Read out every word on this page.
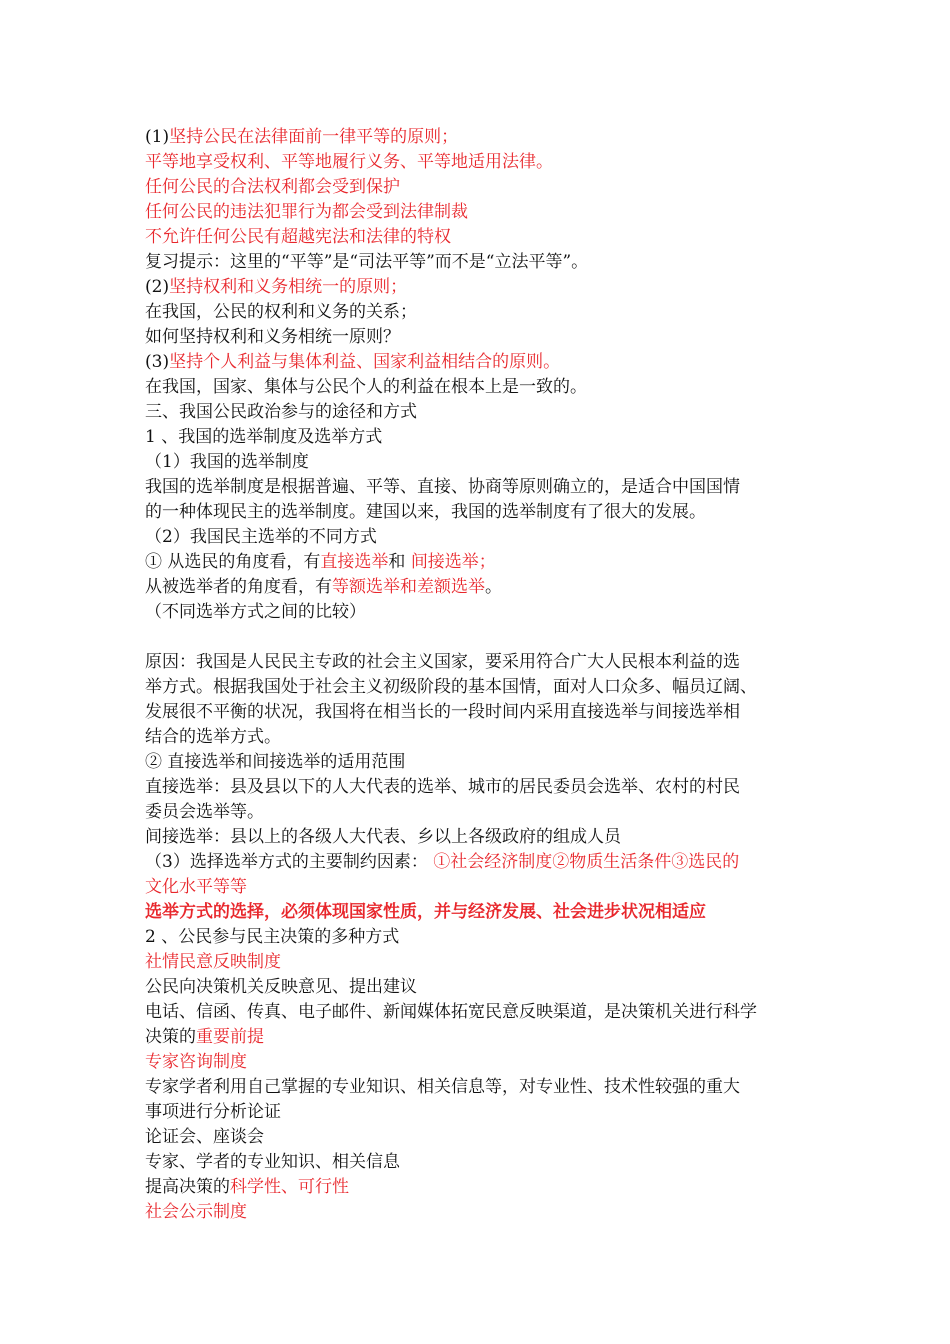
(1)坚持公民在法律面前一律平等的原则；
平等地享受权利、平等地履行义务、平等地适用法律。
任何公民的合法权利都会受到保护
任何公民的违法犯罪行为都会受到法律制裁
不允许任何公民有超越宪法和法律的特权
复习提示：这里的“平等”是“司法平等”而不是“立法平等”。
(2)坚持权利和义务相统一的原则；
在我国，公民的权利和义务的关系；
如何坚持权利和义务相统一原则？
(3)坚持个人利益与集体利益、国家利益相结合的原则。
在我国，国家、集体与公民个人的利益在根本上是一致的。
三、我国公民政治参与的途径和方式
1 、我国的选举制度及选举方式
（1）我国的选举制度
我国的选举制度是根据普遍、平等、直接、协商等原则确立的，是适合中国国情
的一种体现民主的选举制度。建国以来，我国的选举制度有了很大的发展。
（2）我国民主选举的不同方式
① 从选民的角度看，有直接选举和 间接选举；
从被选举者的角度看，有等额选举和差额选举。
（不同选举方式之间的比较）
原因：我国是人民民主专政的社会主义国家，要采用符合广大人民根本利益的选
举方式。根据我国处于社会主义初级阶段的基本国情，面对人口众多、幅员辽阔、
发展很不平衡的状况，我国将在相当长的一段时间内采用直接选举与间接选举相
结合的选举方式。
② 直接选举和间接选举的适用范围
直接选举：县及县以下的人大代表的选举、城市的居民委员会选举、农村的村民
委员会选举等。
间接选举：县以上的各级人大代表、乡以上各级政府的组成人员
（3）选择选举方式的主要制约因素： ①社会经济制度②物质生活条件③选民的
文化水平等等
选举方式的选择，必须体现国家性质，并与经济发展、社会进步状况相适应
2 、公民参与民主决策的多种方式
社情民意反映制度
公民向决策机关反映意见、提出建议
电话、信函、传真、电子邮件、新闻媒体拓宽民意反映渠道，是决策机关进行科学
决策的重要前提
专家咨询制度
专家学者利用自己掌握的专业知识、相关信息等，对专业性、技术性较强的重大
事项进行分析论证
论证会、座谈会
专家、学者的专业知识、相关信息
提高决策的科学性、可行性
社会公示制度
